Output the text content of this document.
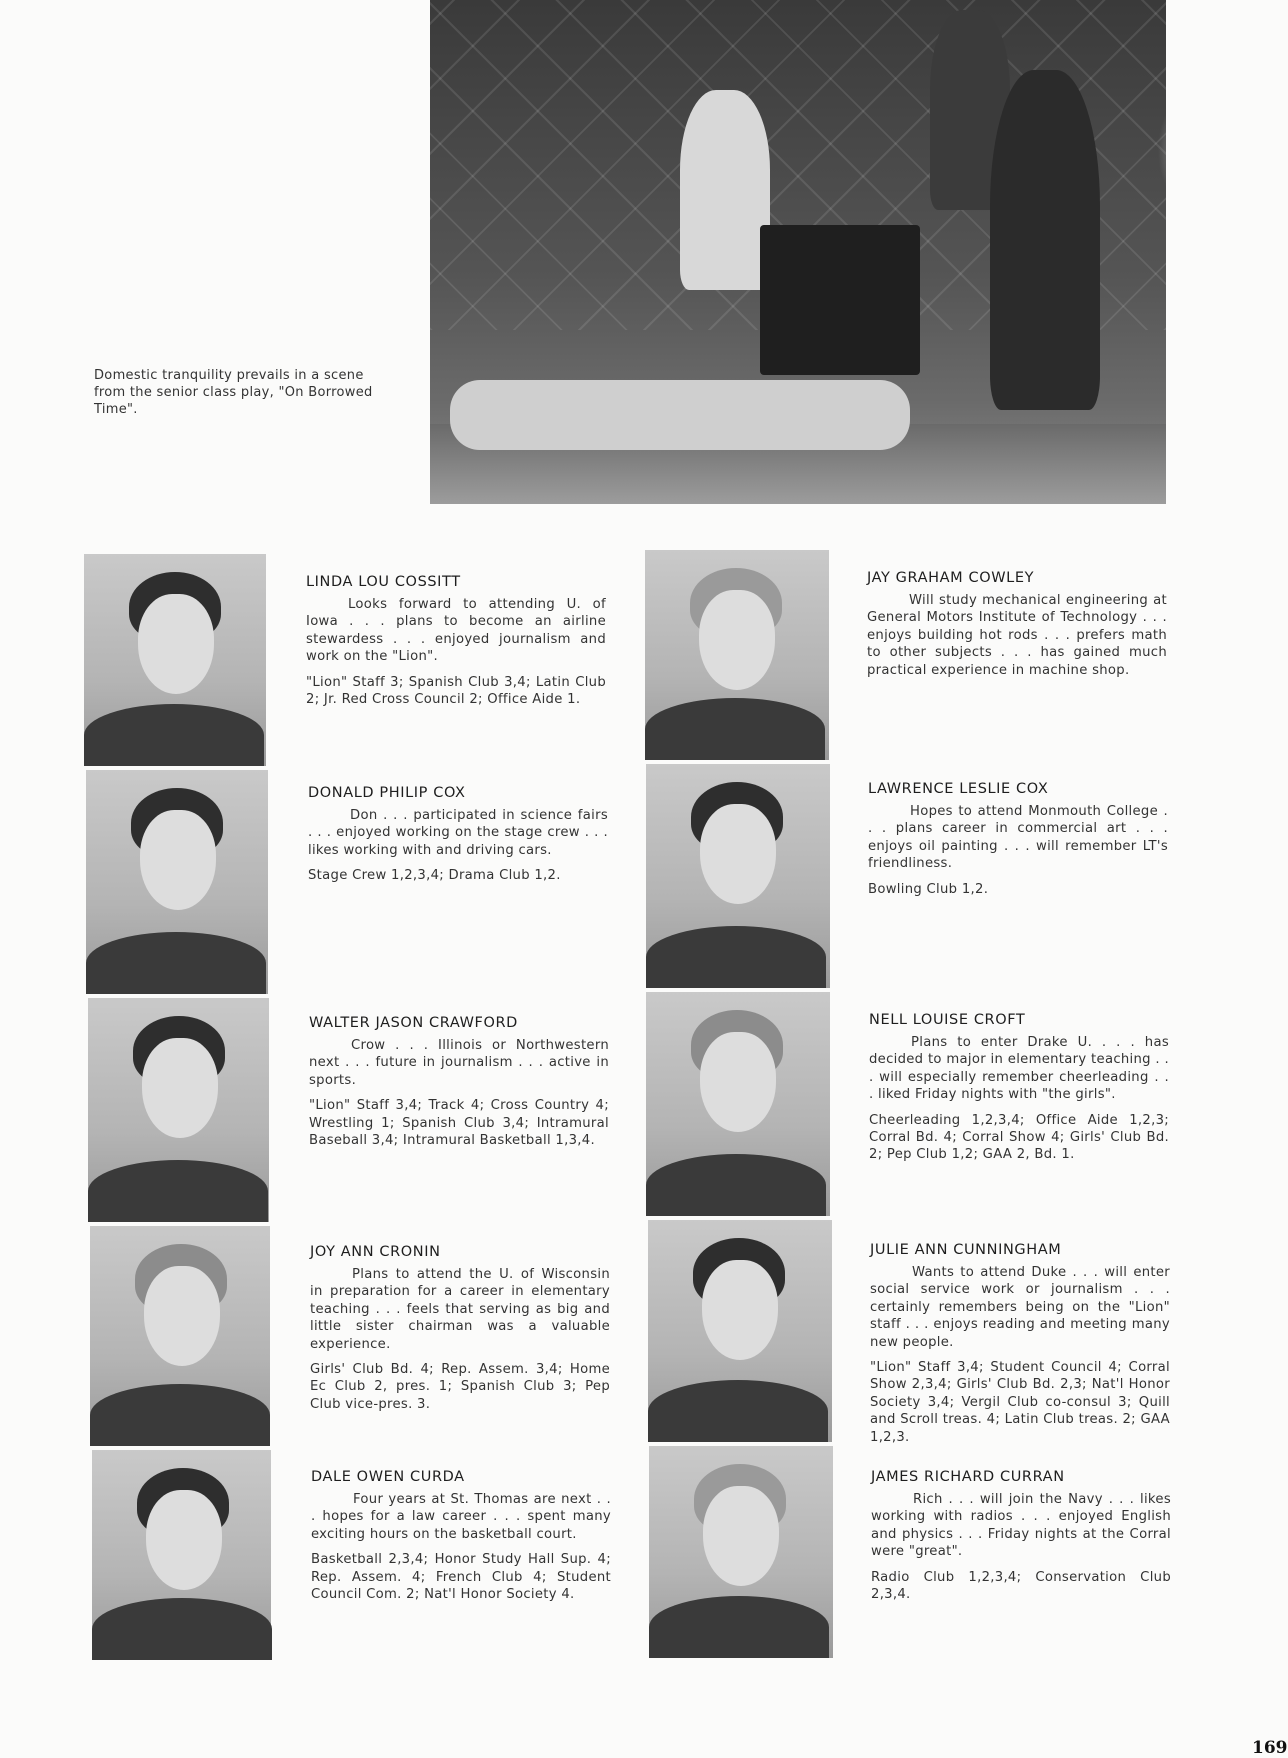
Domestic tranquility prevails in a scene from the senior class play, "On Borrowed Time".
LINDA LOU COSSITT

Looks forward to attending U. of Iowa . . . plans to become an airline stewardess . . . enjoyed journalism and work on the "Lion".

"Lion" Staff 3; Spanish Club 3,4; Latin Club 2; Jr. Red Cross Council 2; Office Aide 1.

DONALD PHILIP COX

Don . . . participated in science fairs . . . enjoyed working on the stage crew . . . likes working with and driving cars.

Stage Crew 1,2,3,4; Drama Club 1,2.

WALTER JASON CRAWFORD

Crow . . . Illinois or Northwestern next . . . future in journalism . . . active in sports.

"Lion" Staff 3,4; Track 4; Cross Country 4; Wrestling 1; Spanish Club 3,4; Intramural Baseball 3,4; Intramural Basketball 1,3,4.

JOY ANN CRONIN

Plans to attend the U. of Wisconsin in preparation for a career in elementary teaching . . . feels that serving as big and little sister chairman was a valuable experience.

Girls' Club Bd. 4; Rep. Assem. 3,4; Home Ec Club 2, pres. 1; Spanish Club 3; Pep Club vice-pres. 3.

DALE OWEN CURDA

Four years at St. Thomas are next . . . hopes for a law career . . . spent many exciting hours on the basketball court.

Basketball 2,3,4; Honor Study Hall Sup. 4; Rep. Assem. 4; French Club 4; Student Council Com. 2; Nat'l Honor Society 4.

JAY GRAHAM COWLEY

Will study mechanical engineering at General Motors Institute of Technology . . . enjoys building hot rods . . . prefers math to other subjects . . . has gained much practical experience in machine shop.

LAWRENCE LESLIE COX

Hopes to attend Monmouth College . . . plans career in commercial art . . . enjoys oil painting . . . will remember LT's friendliness.

Bowling Club 1,2.

NELL LOUISE CROFT

Plans to enter Drake U. . . . has decided to major in elementary teaching . . . will especially remember cheerleading . . . liked Friday nights with "the girls".

Cheerleading 1,2,3,4; Office Aide 1,2,3; Corral Bd. 4; Corral Show 4; Girls' Club Bd. 2; Pep Club 1,2; GAA 2, Bd. 1.

JULIE ANN CUNNINGHAM

Wants to attend Duke . . . will enter social service work or journalism . . . certainly remembers being on the "Lion" staff . . . enjoys reading and meeting many new people.

"Lion" Staff 3,4; Student Council 4; Corral Show 2,3,4; Girls' Club Bd. 2,3; Nat'l Honor Society 3,4; Vergil Club co-consul 3; Quill and Scroll treas. 4; Latin Club treas. 2; GAA 1,2,3.

JAMES RICHARD CURRAN

Rich . . . will join the Navy . . . likes working with radios . . . enjoyed English and physics . . . Friday nights at the Corral were "great".

Radio Club 1,2,3,4; Conservation Club 2,3,4.

169
